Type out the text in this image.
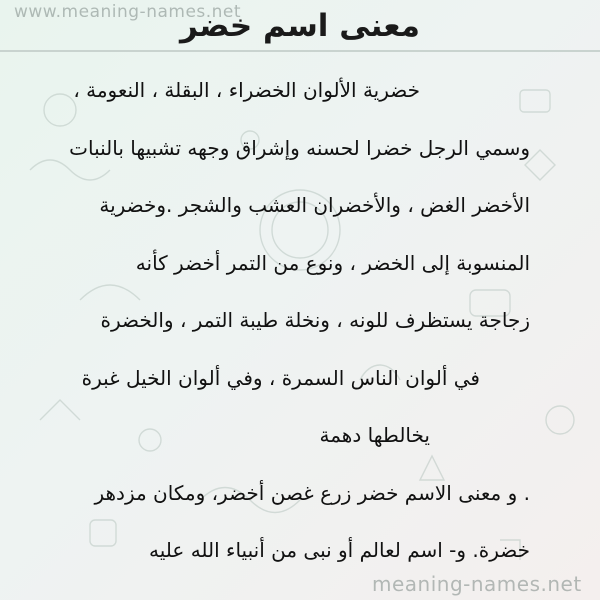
www.meaning-names.net
معنى اسم خضر
خضرية الألوان الخضراء ، البقلة ، النعومة ،
وسمي الرجل خضرا لحسنه وإشراق وجهه تشبيها بالنبات
الأخضر الغض ، والأخضران العشب والشجر .وخضرية
المنسوبة إلى الخضر ، ونوع من التمر أخضر كأنه
زجاجة يستظرف للونه ، ونخلة طيبة التمر ، والخضرة
في ألوان الناس السمرة ، وفي ألوان الخيل غبرة
يخالطها دهمة
. و معنى الاسم خضر زرع غصن أخضر، ومكان مزدهر
خضرة. و- اسم لعالم أو نبى من أنبياء الله عليه
meaning-names.net
